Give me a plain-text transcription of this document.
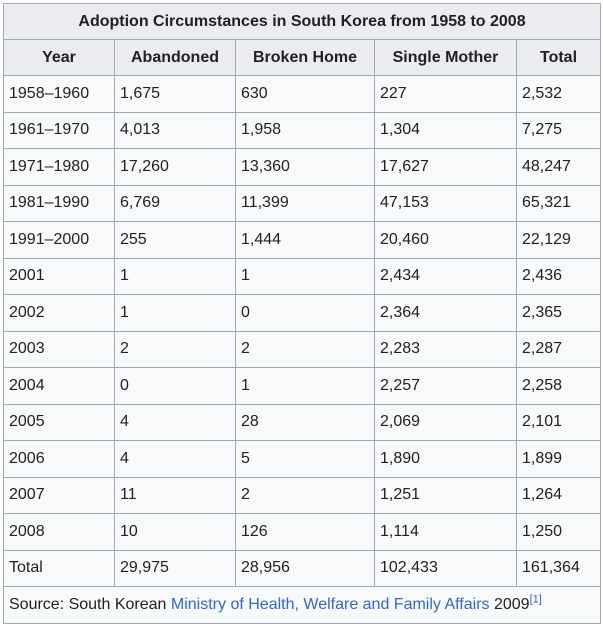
Adoption Circumstances in South Korea from 1958 to 2008				
Year	Abandoned	Broken Home	Single Mother	Total
1958–1960	1,675	630	227	2,532
1961–1970	4,013	1,958	1,304	7,275
1971–1980	17,260	13,360	17,627	48,247
1981–1990	6,769	11,399	47,153	65,321
1991–2000	255	1,444	20,460	22,129
2001	1	1	2,434	2,436
2002	1	0	2,364	2,365
2003	2	2	2,283	2,287
2004	0	1	2,257	2,258
2005	4	28	2,069	2,101
2006	4	5	1,890	1,899
2007	11	2	1,251	1,264
2008	10	126	1,114	1,250
Total	29,975	28,956	102,433	161,364
Source: South Korean Ministry of Health, Welfare and Family Affairs 2009[1]
